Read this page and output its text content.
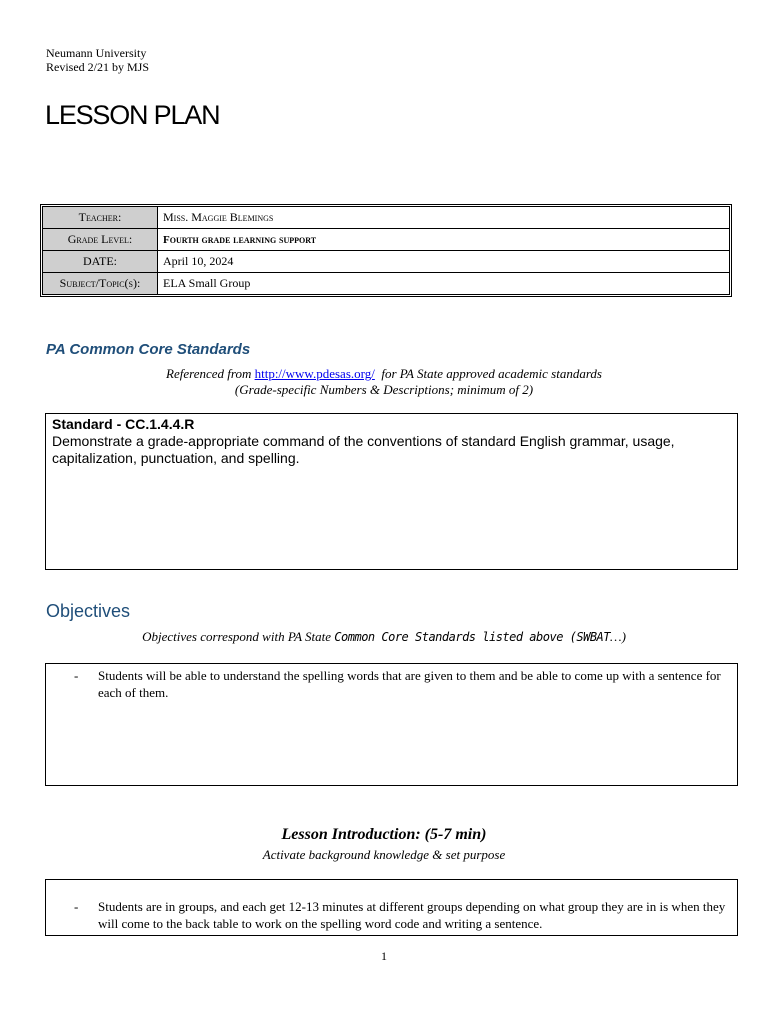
Neumann University
Revised 2/21 by MJS
LESSON PLAN
Teacher:	Miss. Maggie Blemings
Grade Level:	Fourth grade learning support
DATE:	April 10, 2024
Subject/Topic(s):	ELA Small Group
PA Common Core Standards
Referenced from http://www.pdesas.org/  for PA State approved academic standards
(Grade-specific Numbers & Descriptions; minimum of 2)
Standard - CC.1.4.4.R
Demonstrate a grade-appropriate command of the conventions of standard English grammar, usage, capitalization, punctuation, and spelling.
Objectives
Objectives correspond with PA State Common Core Standards listed above (SWBAT…)
- Students will be able to understand the spelling words that are given to them and be able to come up with a sentence for each of them.
Lesson Introduction: (5-7 min)
Activate background knowledge & set purpose
- Students are in groups, and each get 12-13 minutes at different groups depending on what group they are in is when they will come to the back table to work on the spelling word code and writing a sentence.
1
